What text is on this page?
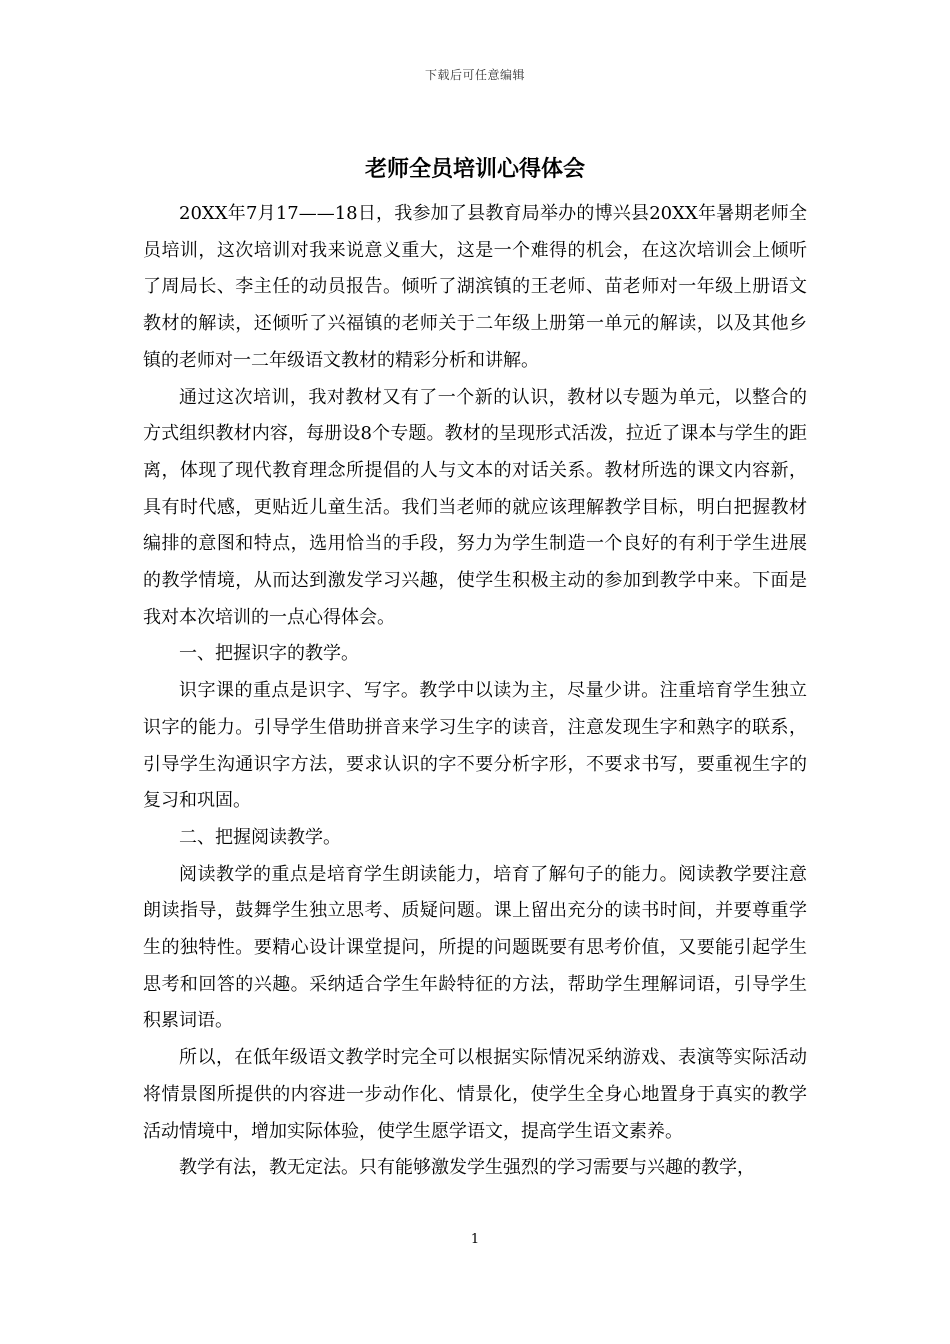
下载后可任意编辑
老师全员培训心得体会

20XX年7月17——18日，我参加了县教育局举办的博兴县20XX年暑期老师全员培训，这次培训对我来说意义重大，这是一个难得的机会，在这次培训会上倾听了周局长、李主任的动员报告。倾听了湖滨镇的王老师、苗老师对一年级上册语文教材的解读，还倾听了兴福镇的老师关于二年级上册第一单元的解读，以及其他乡镇的老师对一二年级语文教材的精彩分析和讲解。

通过这次培训，我对教材又有了一个新的认识，教材以专题为单元，以整合的方式组织教材内容，每册设8个专题。教材的呈现形式活泼，拉近了课本与学生的距离，体现了现代教育理念所提倡的人与文本的对话关系。教材所选的课文内容新，具有时代感，更贴近儿童生活。我们当老师的就应该理解教学目标，明白把握教材编排的意图和特点，选用恰当的手段，努力为学生制造一个良好的有利于学生进展的教学情境，从而达到激发学习兴趣，使学生积极主动的参加到教学中来。下面是我对本次培训的一点心得体会。

一、把握识字的教学。

识字课的重点是识字、写字。教学中以读为主，尽量少讲。注重培育学生独立识字的能力。引导学生借助拼音来学习生字的读音，注意发现生字和熟字的联系，引导学生沟通识字方法，要求认识的字不要分析字形，不要求书写，要重视生字的复习和巩固。

二、把握阅读教学。

阅读教学的重点是培育学生朗读能力，培育了解句子的能力。阅读教学要注意朗读指导，鼓舞学生独立思考、质疑问题。课上留出充分的读书时间，并要尊重学生的独特性。要精心设计课堂提问，所提的问题既要有思考价值，又要能引起学生思考和回答的兴趣。采纳适合学生年龄特征的方法，帮助学生理解词语，引导学生积累词语。

所以，在低年级语文教学时完全可以根据实际情况采纳游戏、表演等实际活动将情景图所提供的内容进一步动作化、情景化，使学生全身心地置身于真实的教学活动情境中，增加实际体验，使学生愿学语文，提高学生语文素养。

教学有法，教无定法。只有能够激发学生强烈的学习需要与兴趣的教学，

1
